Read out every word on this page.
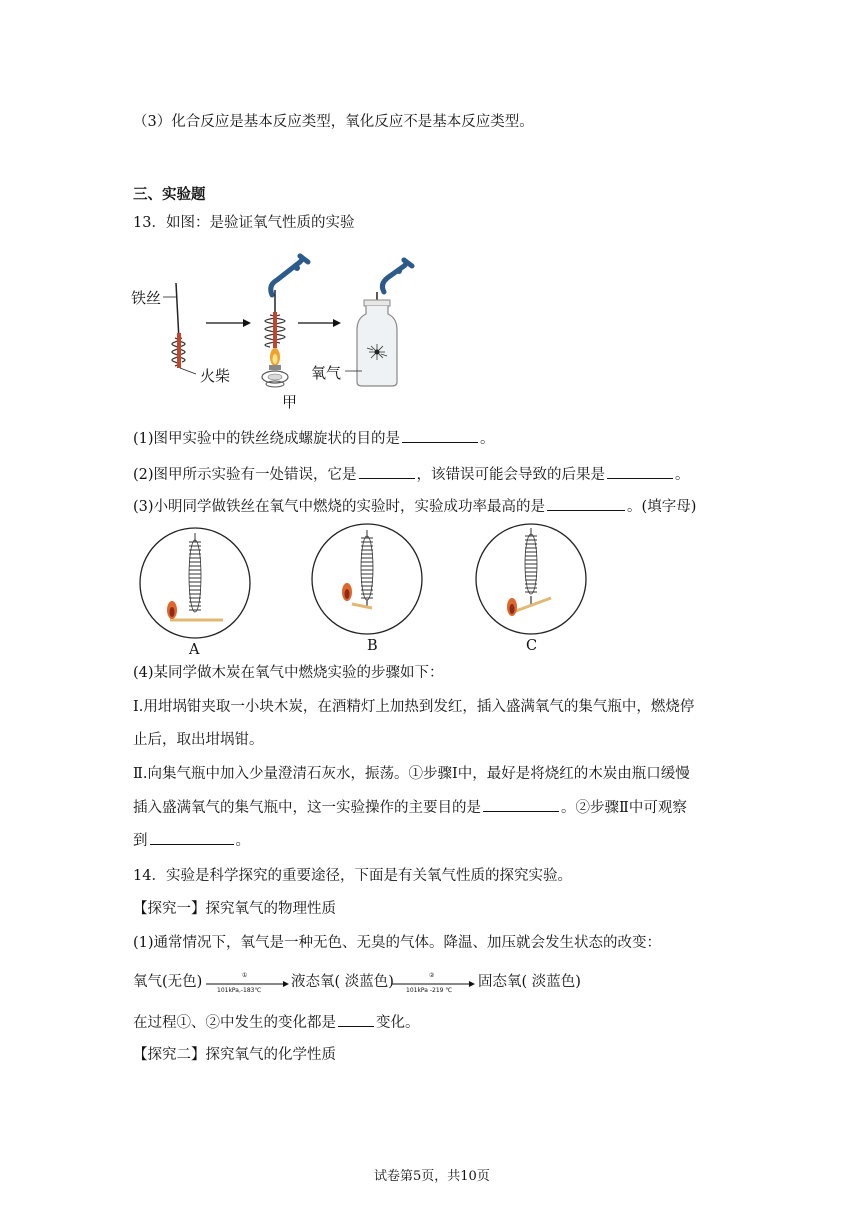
（3）化合反应是基本反应类型，氧化反应不是基本反应类型。
三、实验题
13．如图：是验证氧气性质的实验
铁丝
火柴	氧气
甲
(1)图甲实验中的铁丝绕成螺旋状的目的是	。
(2)图甲所示实验有一处错误，它是	，该错误可能会导致的后果是	。
(3)小明同学做铁丝在氧气中燃烧的实验时，实验成功率最高的是	。(填字母)
A	B	C
(4)某同学做木炭在氧气中燃烧实验的步骤如下：
Ⅰ.用坩埚钳夹取一小块木炭，在酒精灯上加热到发红，插入盛满氧气的集气瓶中，燃烧停
止后，取出坩埚钳。
Ⅱ.向集气瓶中加入少量澄清石灰水，振荡。①步骤Ⅰ中，最好是将烧红的木炭由瓶口缓慢
插入盛满氧气的集气瓶中，这一实验操作的主要目的是	。②步骤Ⅱ中可观察
到	。
14．实验是科学探究的重要途径，下面是有关氧气性质的探究实验。
【探究一】探究氧气的物理性质
(1)通常情况下，氧气是一种无色、无臭的气体。降温、加压就会发生状态的改变：
氧气(无色)	①
101kPa,-183℃
液态氧( 淡蓝色)	②
101kPa -219 ℃
固态氧( 淡蓝色)
在过程①、②中发生的变化都是	变化。
【探究二】探究氧气的化学性质
试卷第5页，共10页
